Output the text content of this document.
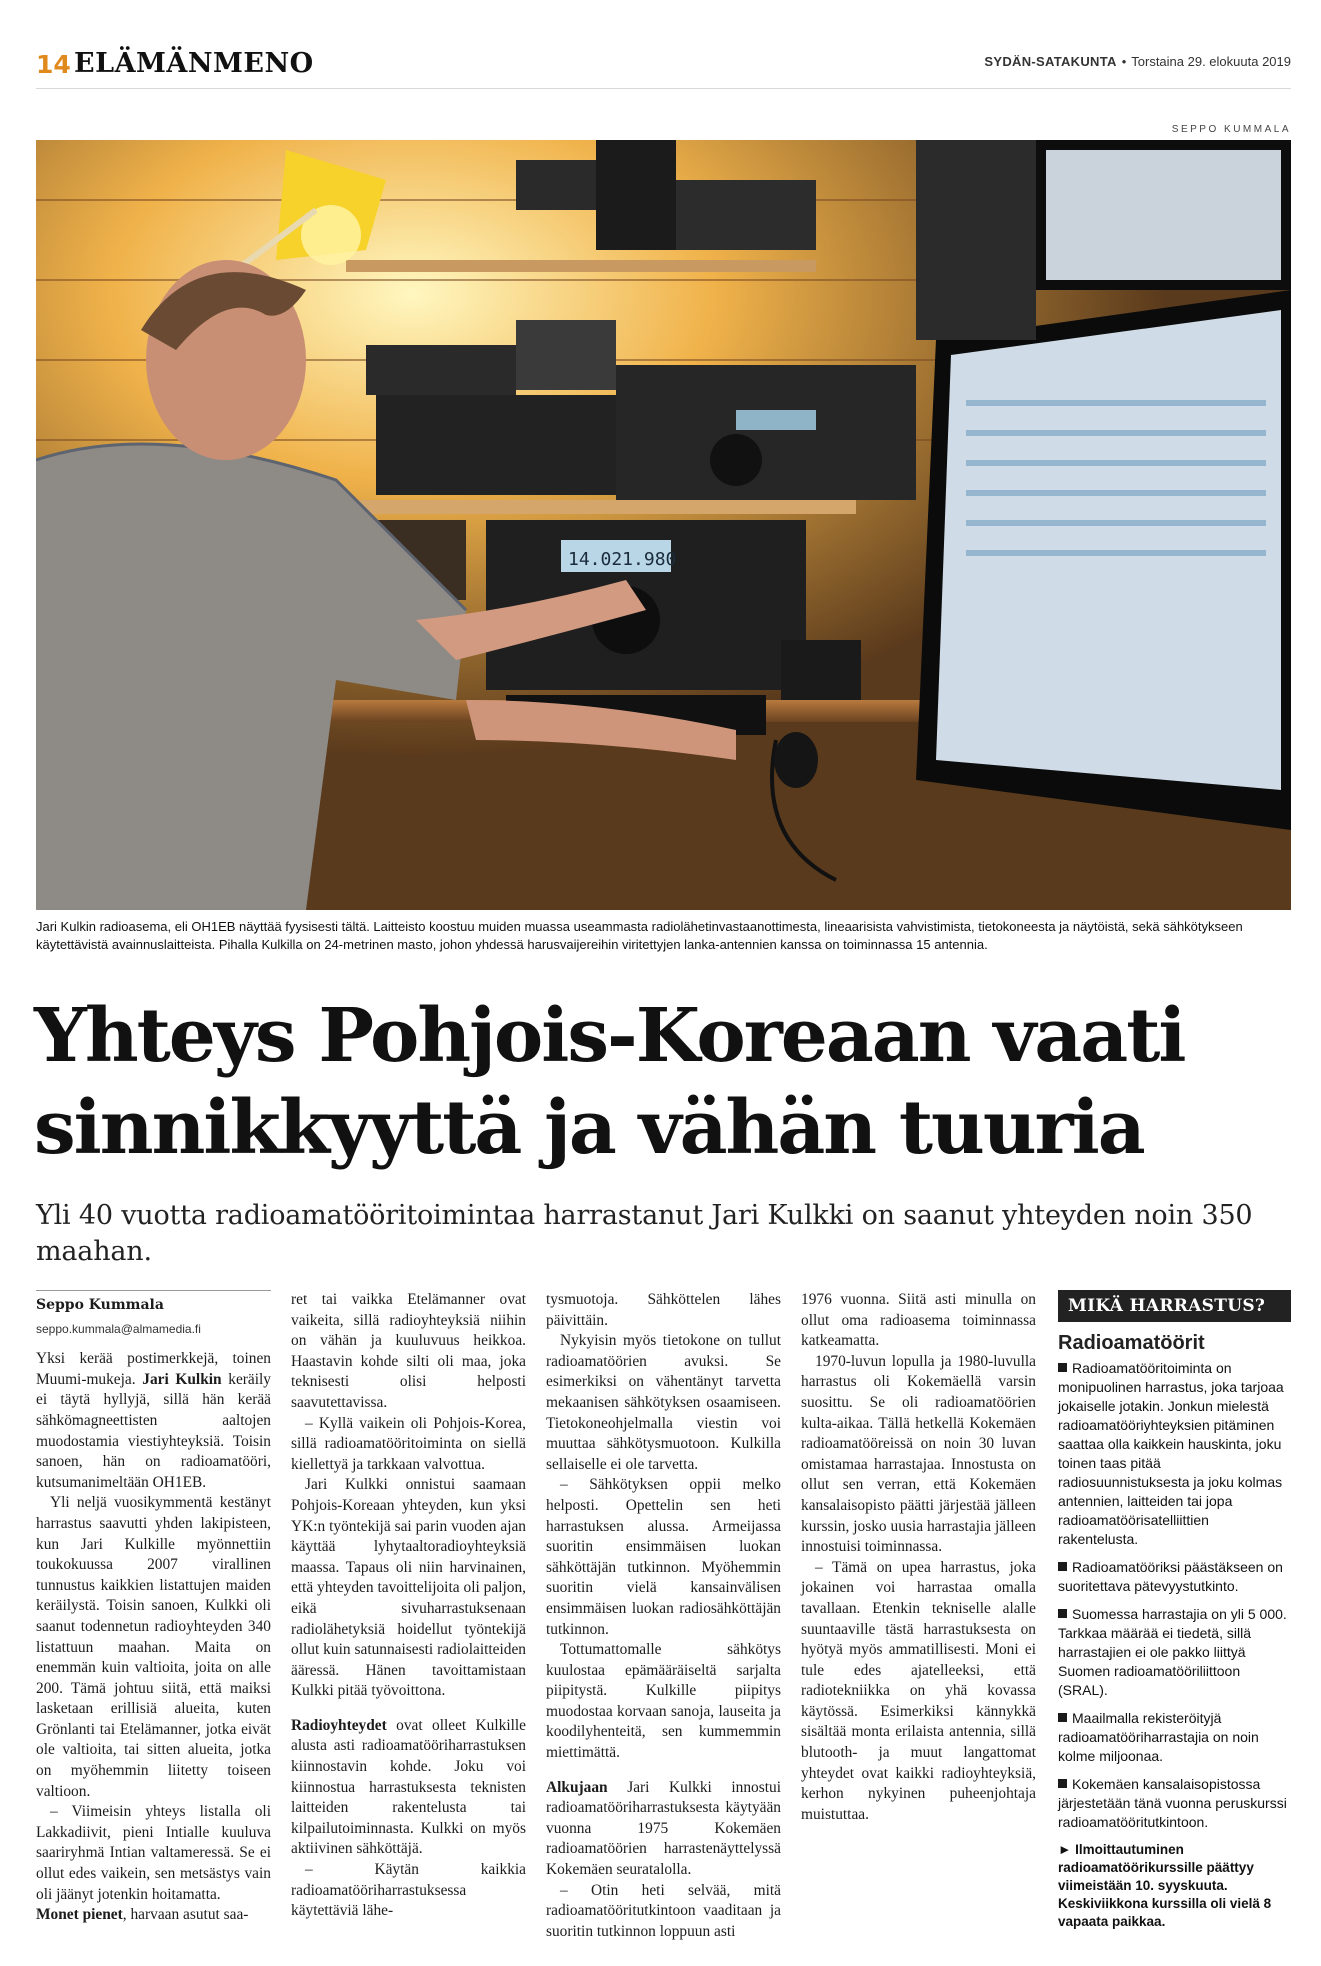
14 ELÄMÄNMENO	SYDÄN-SATAKUNTA • Torstaina 29. elokuuta 2019
SEPPO KUMMALA
14.021.980
Jari Kulkin radioasema, eli OH1EB näyttää fyysisesti tältä. Laitteisto koostuu muiden muassa useammasta radiolähetinvastaanottimesta, lineaarisista vahvistimista, tietokoneesta ja näytöistä, sekä sähkötykseen käytettävistä avainnuslaitteista. Pihalla Kulkilla on 24-metrinen masto, johon yhdessä harusvaijereihin viritettyjen lanka-antennien kanssa on toiminnassa 15 antennia.
Yhteys Pohjois-Koreaan vaati
sinnikkyyttä ja vähän tuuria
Yli 40 vuotta radioamatööritoimintaa harrastanut Jari Kulkki on saanut yhteyden noin 350 maahan.
Seppo Kummala
seppo.kummala@almamedia.fi

Yksi kerää postimerkkejä, toinen Muumi-mukeja. Jari Kulkin keräily ei täytä hyllyjä, sillä hän kerää sähkömagneettisten aaltojen muodostamia viestiyhteyksiä. Toisin sanoen, hän on radioamatööri, kutsumanimeltään OH1EB.

Yli neljä vuosikymmentä kestänyt harrastus saavutti yhden lakipisteen, kun Jari Kulkille myönnettiin toukokuussa 2007 virallinen tunnustus kaikkien listattujen maiden keräilystä. Toisin sanoen, Kulkki oli saanut todennetun radioyhteyden 340 listattuun maahan. Maita on enemmän kuin valtioita, joita on alle 200. Tämä johtuu siitä, että maiksi lasketaan erillisiä alueita, kuten Grönlanti tai Etelämanner, jotka eivät ole valtioita, tai sitten alueita, jotka on myöhemmin liitetty toiseen valtioon.

– Viimeisin yhteys listalla oli Lakkadiivit, pieni Intialle kuuluva saariryhmä Intian valtameressä. Se ei ollut edes vaikein, sen metsästys vain oli jäänyt jotenkin hoitamatta.

Monet pienet, harvaan asutut saa-

ret tai vaikka Etelämanner ovat vaikeita, sillä radioyhteyksiä niihin on vähän ja kuuluvuus heikkoa. Haastavin kohde silti oli maa, joka teknisesti olisi helposti saavutettavissa.

– Kyllä vaikein oli Pohjois-Korea, sillä radioamatööritoiminta on siellä kiellettyä ja tarkkaan valvottua.

Jari Kulkki onnistui saamaan Pohjois-Koreaan yhteyden, kun yksi YK:n työntekijä sai parin vuoden ajan käyttää lyhytaaltoradioyhteyksiä maassa. Tapaus oli niin harvinainen, että yhteyden tavoittelijoita oli paljon, eikä sivuharrastuksenaan radiolähetyksiä hoidellut työntekijä ollut kuin satunnaisesti radiolaitteiden ääressä. Hänen tavoittamistaan Kulkki pitää työvoittona.

Radioyhteydet ovat olleet Kulkille alusta asti radioamatööriharrastuksen kiinnostavin kohde. Joku voi kiinnostua harrastuksesta teknisten laitteiden rakentelusta tai kilpailutoiminnasta. Kulkki on myös aktiivinen sähköttäjä.

– Käytän kaikkia radioamatööriharrastuksessa käytettäviä lähe-

tysmuotoja. Sähköttelen lähes päivittäin.

Nykyisin myös tietokone on tullut radioamatöörien avuksi. Se esimerkiksi on vähentänyt tarvetta mekaanisen sähkötyksen osaamiseen. Tietokoneohjelmalla viestin voi muuttaa sähkötysmuotoon. Kulkilla sellaiselle ei ole tarvetta.

– Sähkötyksen oppii melko helposti. Opettelin sen heti harrastuksen alussa. Armeijassa suoritin ensimmäisen luokan sähköttäjän tutkinnon. Myöhemmin suoritin vielä kansainvälisen ensimmäisen luokan radiosähköttäjän tutkinnon.

Tottumattomalle sähkötys kuulostaa epämääräiseltä sarjalta piipitystä. Kulkille piipitys muodostaa korvaan sanoja, lauseita ja koodilyhenteitä, sen kummemmin miettimättä.

Alkujaan Jari Kulkki innostui radioamatööriharrastuksesta käytyään vuonna 1975 Kokemäen radioamatöörien harrastenäyttelyssä Kokemäen seuratalolla.

– Otin heti selvää, mitä radioamatööritutkintoon vaaditaan ja suoritin tutkinnon loppuun asti

1976 vuonna. Siitä asti minulla on ollut oma radioasema toiminnassa katkeamatta.

1970-luvun lopulla ja 1980-luvulla harrastus oli Kokemäellä varsin suosittu. Se oli radioamatöörien kulta-aikaa. Tällä hetkellä Kokemäen radioamatööreissä on noin 30 luvan omistamaa harrastajaa. Innostusta on ollut sen verran, että Kokemäen kansalaisopisto päätti järjestää jälleen kurssin, josko uusia harrastajia jälleen innostuisi toiminnassa.

– Tämä on upea harrastus, joka jokainen voi harrastaa omalla tavallaan. Etenkin tekniselle alalle suuntaaville tästä harrastuksesta on hyötyä myös ammatillisesti. Moni ei tule edes ajatelleeksi, että radiotekniikka on yhä kovassa käytössä. Esimerkiksi kännykkä sisältää monta erilaista antennia, sillä blutooth- ja muut langattomat yhteydet ovat kaikki radioyhteyksiä, kerhon nykyinen puheenjohtaja muistuttaa.

MIKÄ HARRASTUS?
Radioamatöörit
Radioamatööritoiminta on monipuolinen harrastus, joka tarjoaa jokaiselle jotakin. Jonkun mielestä radioamatööriyhteyksien pitäminen saattaa olla kaikkein hauskinta, joku toinen taas pitää radiosuunnistuksesta ja joku kolmas antennien, laitteiden tai jopa radioamatöörisatelliittien rakentelusta.
Radioamatööriksi päästäkseen on suoritettava pätevyystutkinto.
Suomessa harrastajia on yli 5 000. Tarkkaa määrää ei tiedetä, sillä harrastajien ei ole pakko liittyä Suomen radioamatööriliittoon (SRAL).
Maailmalla rekisteröityjä radioamatööriharrastajia on noin kolme miljoonaa.
Kokemäen kansalaisopistossa järjestetään tänä vuonna peruskurssi radioamatööritutkintoon.
► Ilmoittautuminen radioamatöörikurssille päättyy viimeistään 10. syyskuuta. Keskiviikkona kurssilla oli vielä 8 vapaata paikkaa.
